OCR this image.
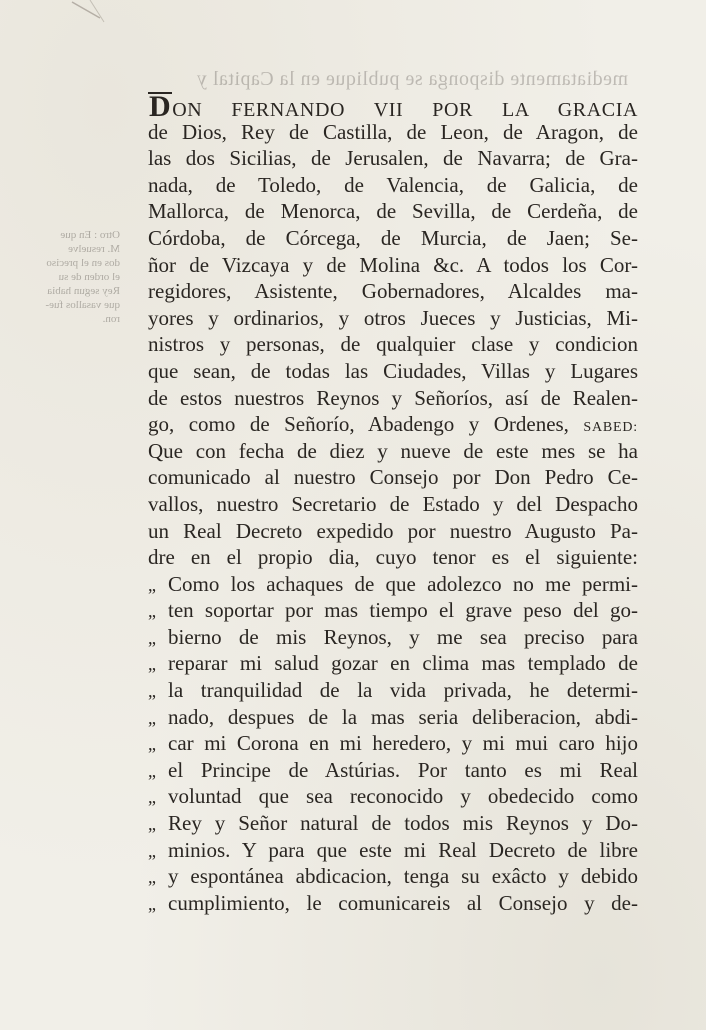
mediatamente disponga se publique en la Capital y
Otro : En que
M. resuelve
dos en el preciso
el orden de su
Rey segun habia
que vasallos fue-
ron.
DON FERNANDO VII POR LA GRACIA
de Dios, Rey de Castilla, de Leon, de Aragon, de
las dos Sicilias, de Jerusalen, de Navarra; de Gra-
nada, de Toledo, de Valencia, de Galicia, de
Mallorca, de Menorca, de Sevilla, de Cerdeña, de
Córdoba, de Córcega, de Murcia, de Jaen; Se-
ñor de Vizcaya y de Molina &c. A todos los Cor-
regidores, Asistente, Gobernadores, Alcaldes ma-
yores y ordinarios, y otros Jueces y Justicias, Mi-
nistros y personas, de qualquier clase y condicion
que sean, de todas las Ciudades, Villas y Lugares
de estos nuestros Reynos y Señoríos, así de Realen-
go, como de Señorío, Abadengo y Ordenes, SABED:
Que con fecha de diez y nueve de este mes se ha
comunicado al nuestro Consejo por Don Pedro Ce-
vallos, nuestro Secretario de Estado y del Despacho
un Real Decreto expedido por nuestro Augusto Pa-
dre en el propio dia, cuyo tenor es el siguiente:
„ Como los achaques de que adolezco no me permi-
„ ten soportar por mas tiempo el grave peso del go-
„ bierno de mis Reynos, y me sea preciso para
„ reparar mi salud gozar en clima mas templado de
„ la tranquilidad de la vida privada, he determi-
„ nado, despues de la mas seria deliberacion, abdi-
„ car mi Corona en mi heredero, y mi mui caro hijo
„ el Principe de Astúrias. Por tanto es mi Real
„ voluntad que sea reconocido y obedecido como
„ Rey y Señor natural de todos mis Reynos y Do-
„ minios. Y para que este mi Real Decreto de libre
„ y espontánea abdicacion, tenga su exâcto y debido
„ cumplimiento, le comunicareis al Consejo y de-
